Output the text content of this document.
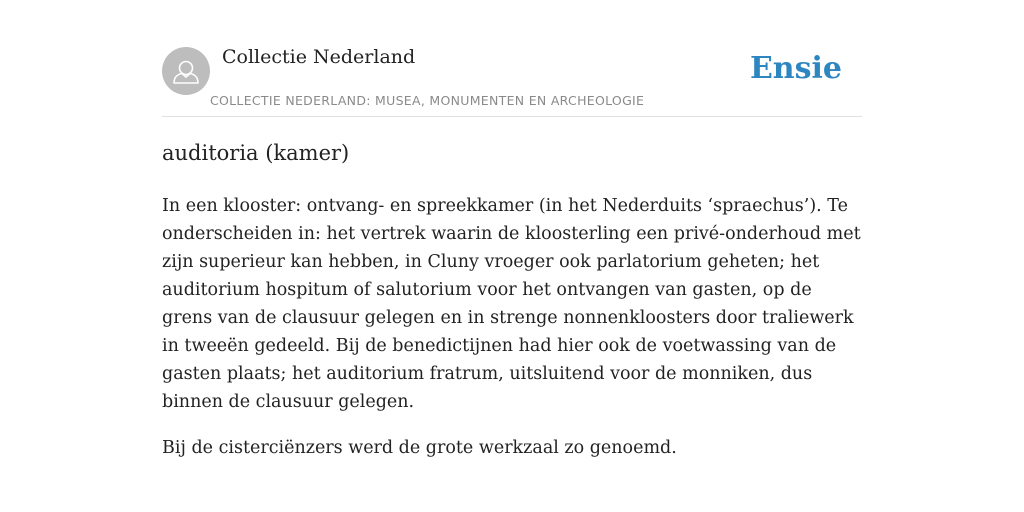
Collectie Nederland
COLLECTIE NEDERLAND: MUSEA, MONUMENTEN EN ARCHEOLOGIE
Ensie
auditoria (kamer)

In een klooster: ontvang- en spreekkamer (in het Nederduits ‘spraechus’). Te onderscheiden in: het vertrek waarin de kloosterling een privé-onderhoud met zijn superieur kan hebben, in Cluny vroeger ook parlatorium geheten; het auditorium hospitum of salutorium voor het ontvangen van gasten, op de grens van de clausuur gelegen en in strenge nonnenkloosters door traliewerk in tweeën gedeeld. Bij de benedictijnen had hier ook de voetwassing van de gasten plaats; het auditorium fratrum, uitsluitend voor de monniken, dus binnen de clausuur gelegen.

Bij de cisterciënzers werd de grote werkzaal zo genoemd.
